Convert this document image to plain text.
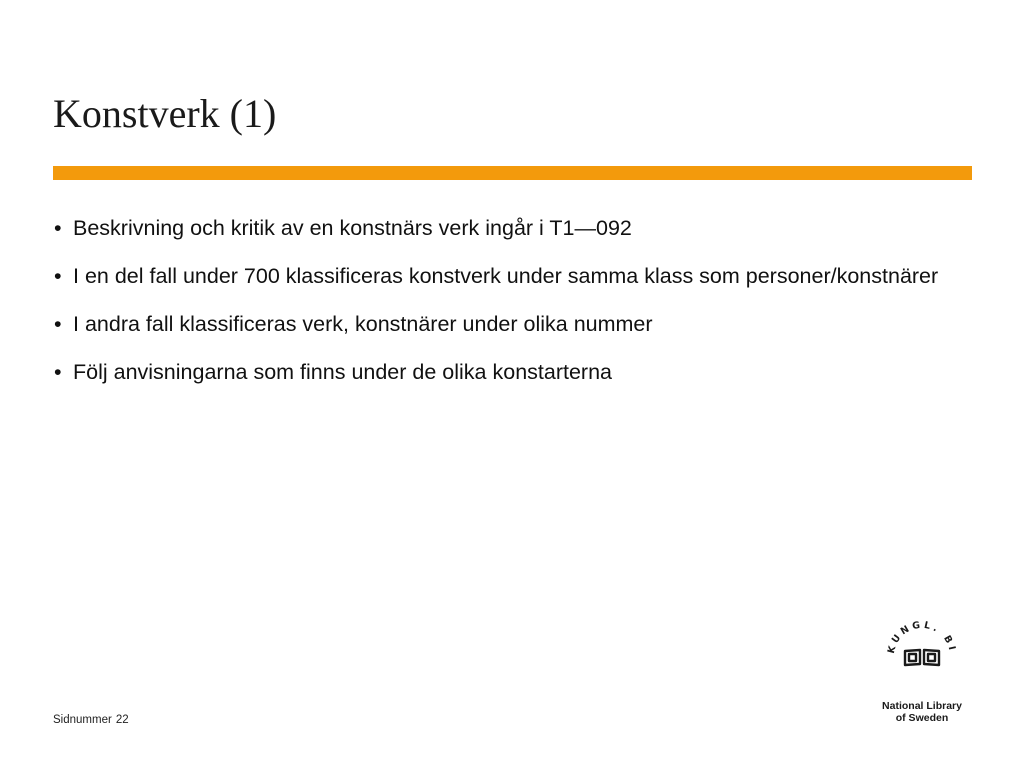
Konstverk (1)
• Beskrivning och kritik av en konstnärs verk ingår i T1—092
• I en del fall under 700 klassificeras konstverk under samma klass som personer/konstnärer
• I andra fall klassificeras verk, konstnärer under olika nummer
• Följ anvisningarna som finns under de olika konstarterna
Sidnummer 22
KUNGL. BI
National Library
of Sweden
